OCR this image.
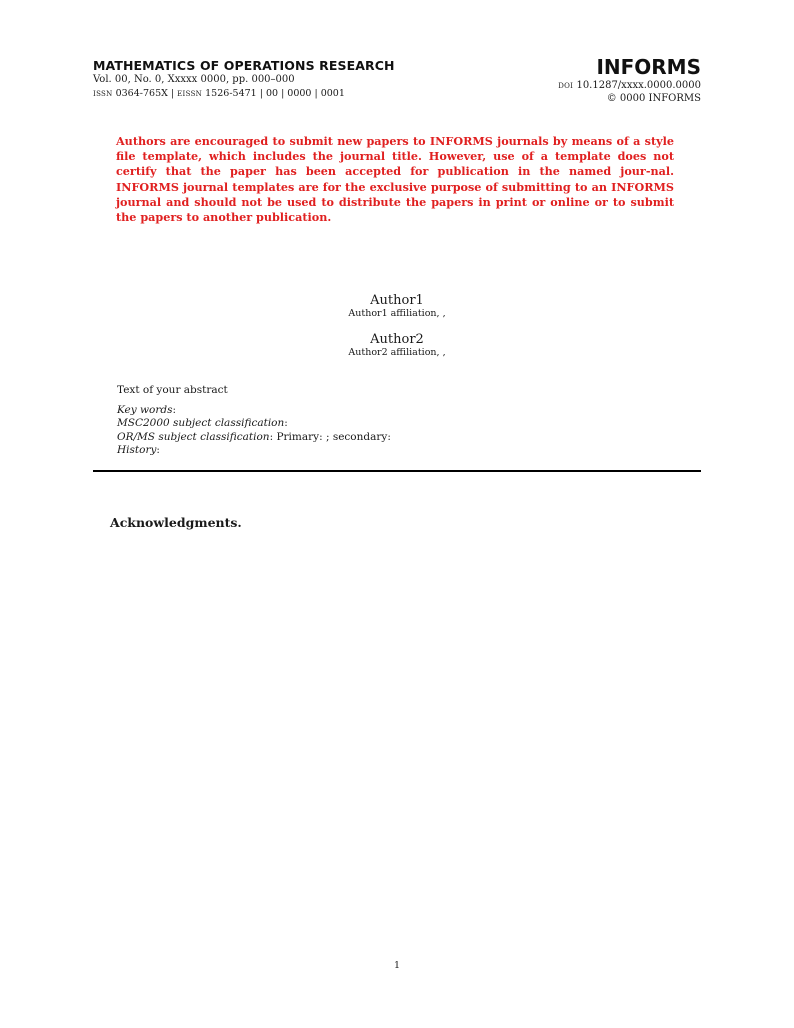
MATHEMATICS OF OPERATIONS RESEARCH
Vol. 00, No. 0, Xxxxx 0000, pp. 000–000
ISSN 0364-765X | EISSN 1526-5471 | 00 | 0000 | 0001
INFORMS
DOI 10.1287/xxxx.0000.0000
© 0000 INFORMS
Authors are encouraged to submit new papers to INFORMS journals by means of a style file template, which includes the journal title. However, use of a template does not certify that the paper has been accepted for publication in the named jour-nal. INFORMS journal templates are for the exclusive purpose of submitting to an INFORMS journal and should not be used to distribute the papers in print or online or to submit the papers to another publication.
Author1
Author1 affiliation, ,
Author2
Author2 affiliation, ,
Text of your abstract
Key words:
MSC2000 subject classification:
OR/MS subject classification: Primary: ; secondary:
History:
Acknowledgments.
1
